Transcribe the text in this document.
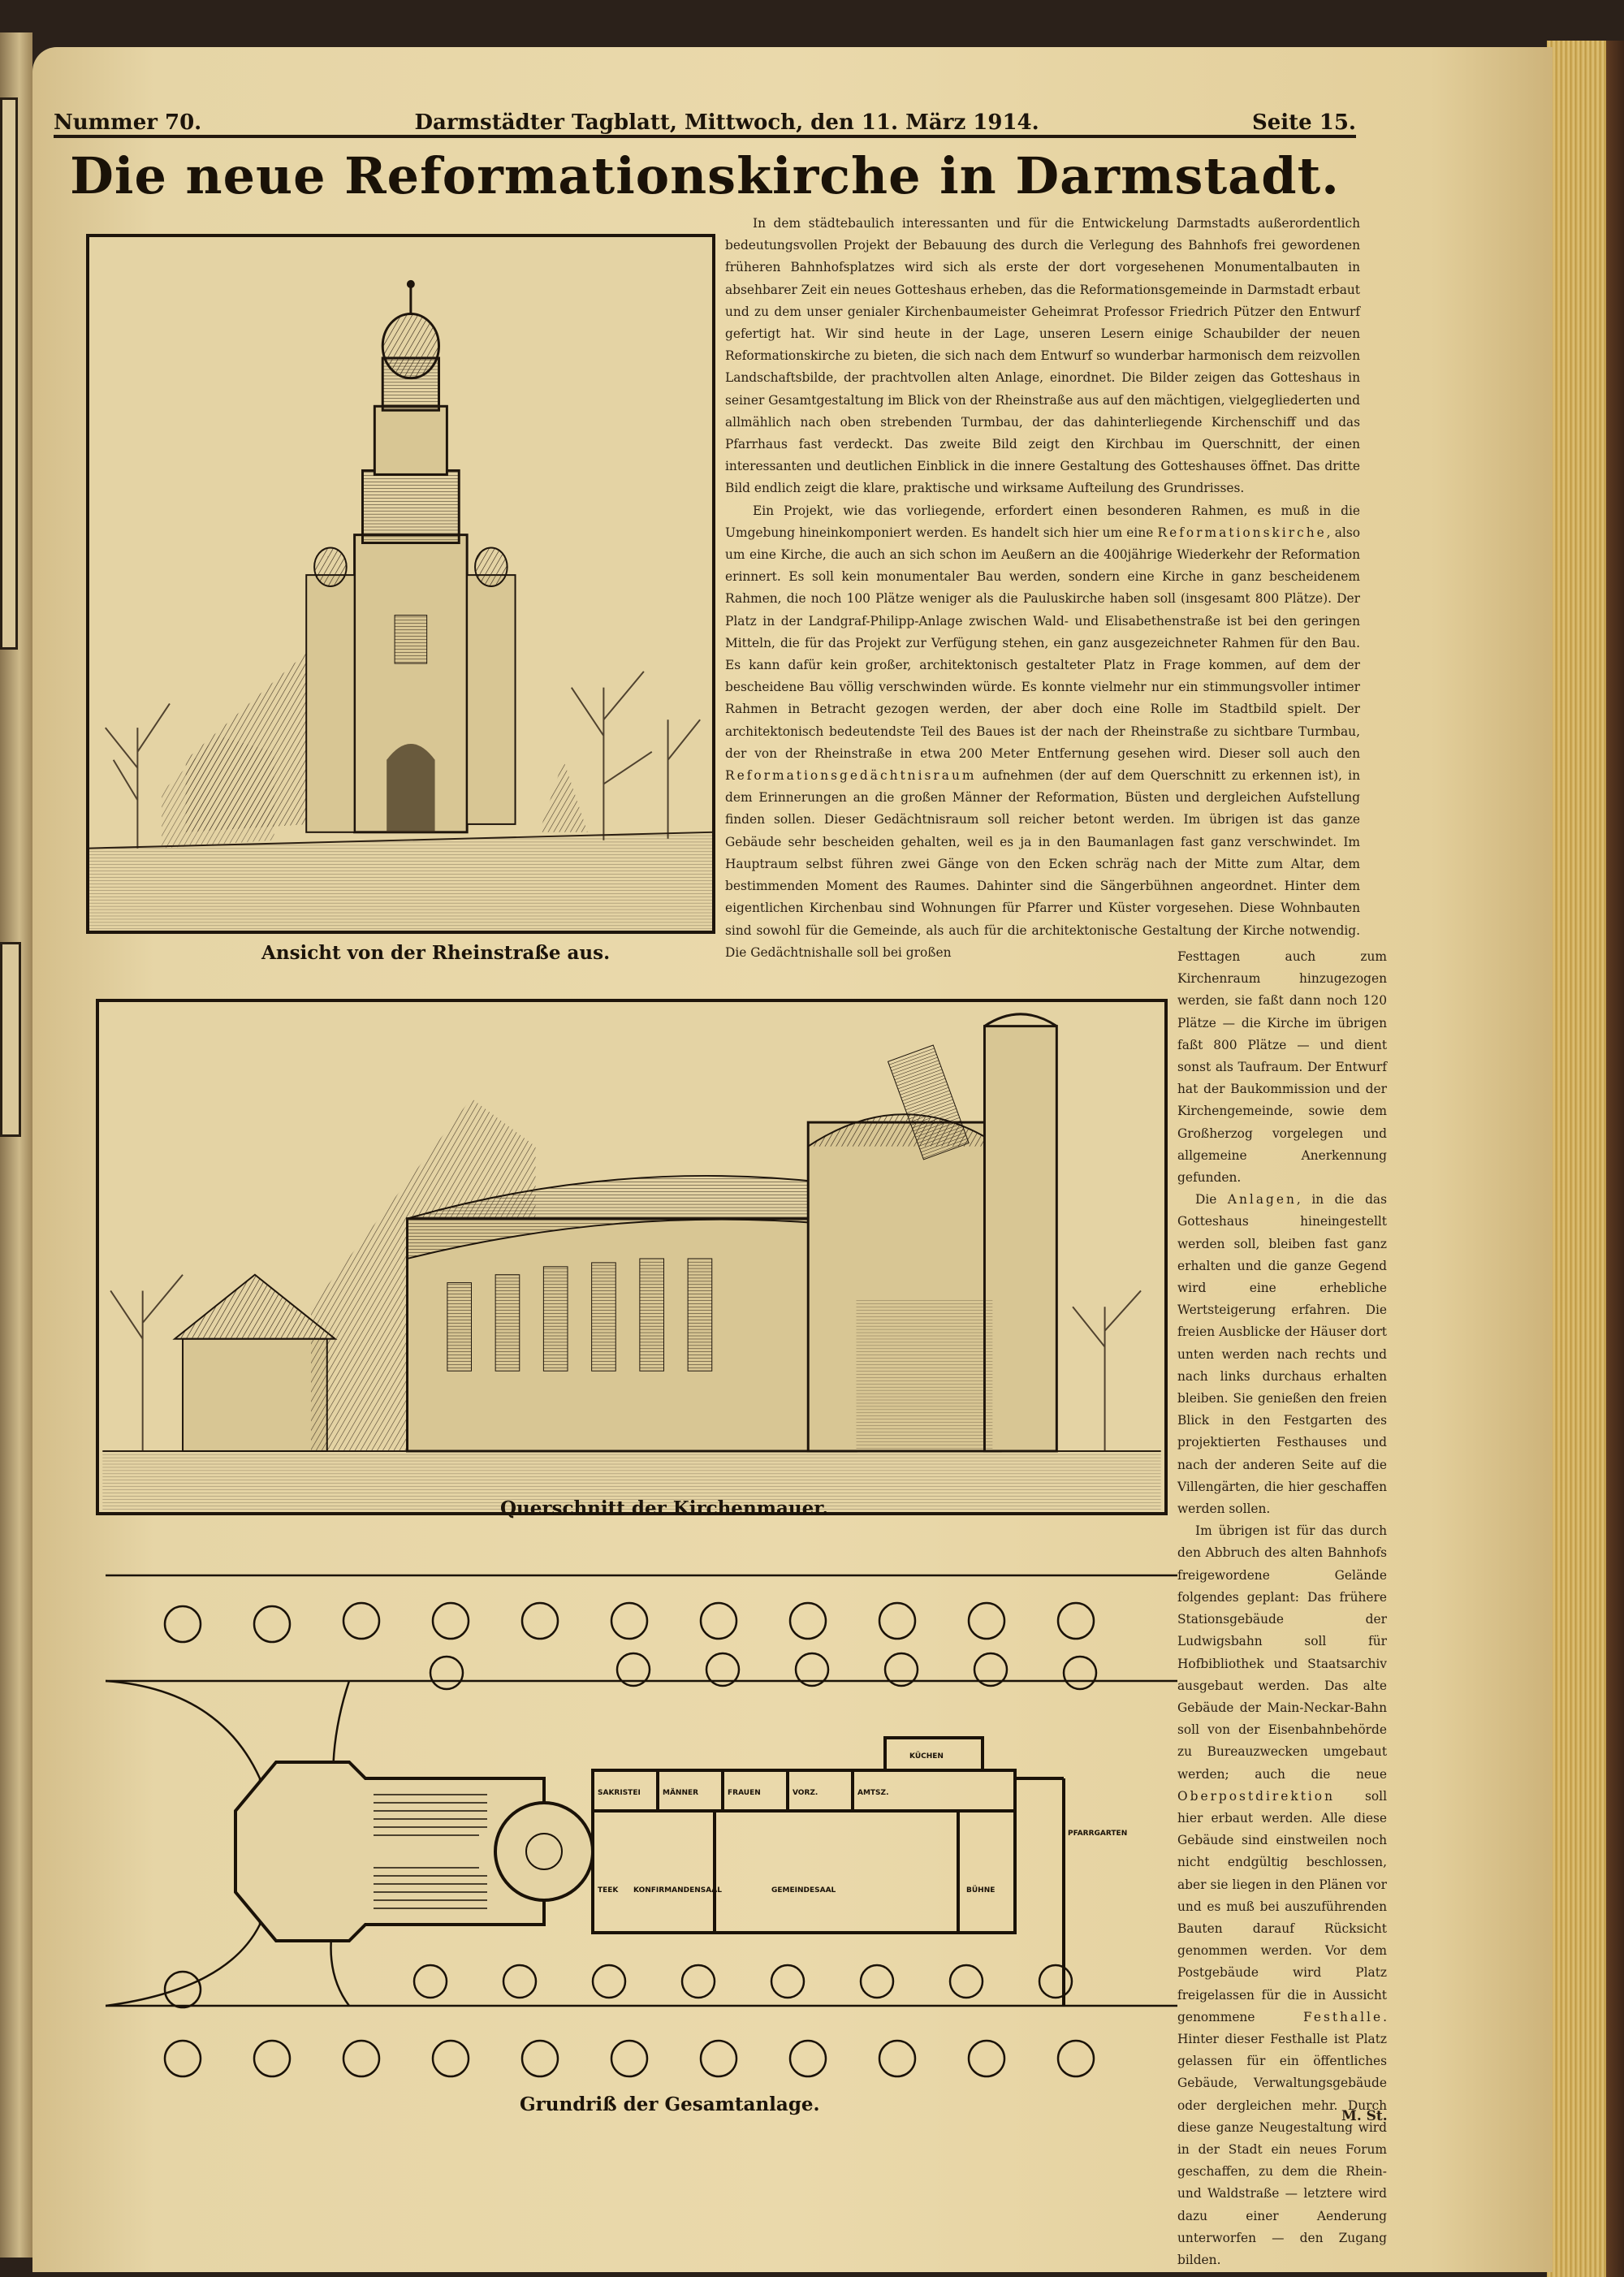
Nummer 70.	Darmstädter Tagblatt, Mittwoch, den 11. März 1914.	Seite 15.
Die neue Reformationskirche in Darmstadt.
Ansicht von der Rheinstraße aus.
Querschnitt der Kirchenmauer.
SAKRISTEI	MÄNNER	FRAUEN	VORZ.	AMTSZ.
KÜCHEN
PFARRGARTEN
TEEK KONFIRMANDENSAAL	GEMEINDESAAL	BÜHNE
Grundriß der Gesamtanlage.

In dem städtebaulich interessanten und für die Entwickelung Darmstadts außerordentlich bedeutungsvollen Projekt der Bebauung des durch die Verlegung des Bahnhofs frei gewordenen früheren Bahnhofsplatzes wird sich als erste der dort vorgesehenen Monumentalbauten in absehbarer Zeit ein neues Gotteshaus erheben, das die Reformationsgemeinde in Darmstadt erbaut und zu dem unser genialer Kirchenbaumeister Geheimrat Professor Friedrich Pützer den Entwurf gefertigt hat. Wir sind heute in der Lage, unseren Lesern einige Schaubilder der neuen Reformationskirche zu bieten, die sich nach dem Entwurf so wunderbar harmonisch dem reizvollen Landschaftsbilde, der prachtvollen alten Anlage, einordnet. Die Bilder zeigen das Gotteshaus in seiner Gesamtgestaltung im Blick von der Rheinstraße aus auf den mächtigen, vielgegliederten und allmählich nach oben strebenden Turmbau, der das dahinterliegende Kirchenschiff und das Pfarrhaus fast verdeckt. Das zweite Bild zeigt den Kirchbau im Querschnitt, der einen interessanten und deutlichen Einblick in die innere Gestaltung des Gotteshauses öffnet. Das dritte Bild endlich zeigt die klare, praktische und wirksame Aufteilung des Grundrisses.

Ein Projekt, wie das vorliegende, erfordert einen besonderen Rahmen, es muß in die Umgebung hineinkomponiert werden. Es handelt sich hier um eine Reformationskirche, also um eine Kirche, die auch an sich schon im Aeußern an die 400jährige Wiederkehr der Reformation erinnert. Es soll kein monumentaler Bau werden, sondern eine Kirche in ganz bescheidenem Rahmen, die noch 100 Plätze weniger als die Pauluskirche haben soll (insgesamt 800 Plätze). Der Platz in der Landgraf-Philipp-Anlage zwischen Wald- und Elisabethenstraße ist bei den geringen Mitteln, die für das Projekt zur Verfügung stehen, ein ganz ausgezeichneter Rahmen für den Bau. Es kann dafür kein großer, architektonisch gestalteter Platz in Frage kommen, auf dem der bescheidene Bau völlig verschwinden würde. Es konnte vielmehr nur ein stimmungsvoller intimer Rahmen in Betracht gezogen werden, der aber doch eine Rolle im Stadtbild spielt. Der architektonisch bedeutendste Teil des Baues ist der nach der Rheinstraße zu sichtbare Turmbau, der von der Rheinstraße in etwa 200 Meter Entfernung gesehen wird. Dieser soll auch den Reformationsgedächtnisraum aufnehmen (der auf dem Querschnitt zu erkennen ist), in dem Erinnerungen an die großen Männer der Reformation, Büsten und dergleichen Aufstellung finden sollen. Dieser Gedächtnisraum soll reicher betont werden. Im übrigen ist das ganze Gebäude sehr bescheiden gehalten, weil es ja in den Baumanlagen fast ganz verschwindet. Im Hauptraum selbst führen zwei Gänge von den Ecken schräg nach der Mitte zum Altar, dem bestimmenden Moment des Raumes. Dahinter sind die Sängerbühnen angeordnet. Hinter dem eigentlichen Kirchenbau sind Wohnungen für Pfarrer und Küster vorgesehen. Diese Wohnbauten sind sowohl für die Gemeinde, als auch für die architektonische Gestaltung der Kirche notwendig. Die Gedächtnishalle soll bei großen	Festtagen auch zum Kirchenraum hinzugezogen werden, sie faßt dann noch 120 Plätze — die Kirche im übrigen faßt 800 Plätze — und dient sonst als Taufraum. Der Entwurf hat der Baukommission und der Kirchengemeinde, sowie dem Großherzog vorgelegen und allgemeine Anerkennung gefunden.

Die Anlagen, in die das Gotteshaus hineingestellt werden soll, bleiben fast ganz erhalten und die ganze Gegend wird eine erhebliche Wertsteigerung erfahren. Die freien Ausblicke der Häuser dort unten werden nach rechts und nach links durchaus erhalten bleiben. Sie genießen den freien Blick in den Festgarten des projektierten Festhauses und nach der anderen Seite auf die Villengärten, die hier geschaffen werden sollen.

Im übrigen ist für das durch den Abbruch des alten Bahnhofs freigewordene Gelände folgendes geplant: Das frühere Stationsgebäude der Ludwigsbahn soll für Hofbibliothek und Staatsarchiv ausgebaut werden. Das alte Gebäude der Main-Neckar-Bahn soll von der Eisenbahnbehörde zu Bureauzwecken umgebaut werden; auch die neue Oberpostdirektion soll hier erbaut werden. Alle diese Gebäude sind einstweilen noch nicht endgültig beschlossen, aber sie liegen in den Plänen vor und es muß bei auszuführenden Bauten darauf Rücksicht genommen werden. Vor dem Postgebäude wird Platz freigelassen für die in Aussicht genommene	Festhalle. Hinter dieser Festhalle ist Platz gelassen für ein öffentliches Gebäude, Verwaltungsgebäude oder dergleichen mehr. Durch diese ganze Neugestaltung wird in der Stadt ein neues Forum geschaffen, zu dem die Rhein- und Waldstraße — letztere wird dazu einer Aenderung unterworfen — den Zugang bilden.

M. St.
